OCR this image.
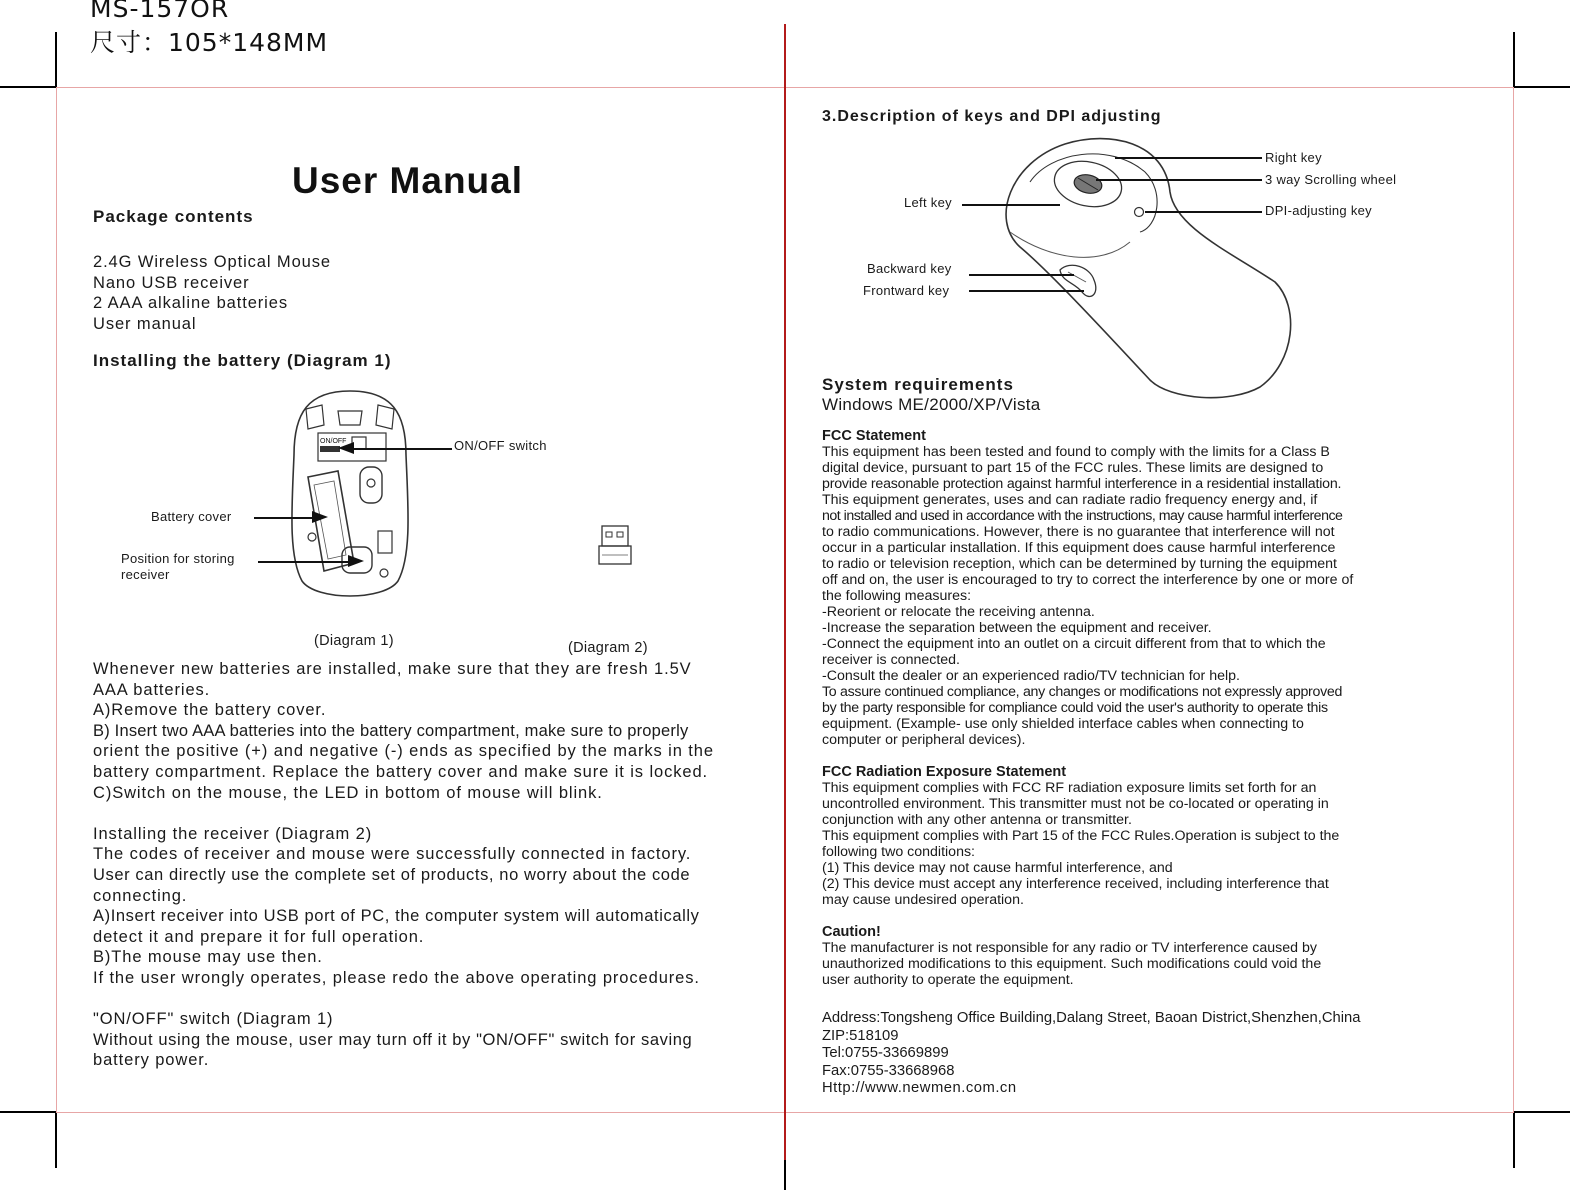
MS-157OR
尺寸：105*148MM
User Manual

Package contents

2.4G Wireless Optical Mouse

Nano USB receiver

2 AAA alkaline batteries

User manual

Installing the battery (Diagram 1)
ON/OFF	ON/OFF switch
Battery cover
Position for storing
receiver
(Diagram 1)	(Diagram 2)

Whenever new batteries are installed, make sure that they are fresh 1.5V

AAA batteries.

A)Remove the battery cover.

B) Insert two AAA batteries into the battery compartment, make sure to properly

orient the positive (+) and negative (-) ends as specified by the marks in the

battery compartment. Replace the battery cover and make sure it is locked.

C)Switch on the mouse, the LED in bottom of mouse will blink.

Installing the receiver (Diagram 2)

The codes of receiver and mouse were successfully connected in factory.

User can directly use the complete set of products, no worry about the code

connecting.

A)Insert receiver into USB port of PC, the computer system will automatically

detect it and prepare it for full operation.

B)The mouse may use then.

If the user wrongly operates, please redo the above operating procedures.

"ON/OFF" switch (Diagram 1)

Without using the mouse, user may turn off it by "ON/OFF" switch for saving

battery power.

3.Description of keys and DPI adjusting
Right key
3 way Scrolling wheel
Left key
DPI-adjusting key
Backward key
Frontward key

System requirements

Windows ME/2000/XP/Vista

FCC Statement

This equipment has been tested and found to comply with the limits for a Class B

digital device, pursuant to part 15 of the FCC rules. These limits are designed to

provide reasonable protection against harmful interference in a residential installation.

This equipment generates, uses and can radiate radio frequency energy and, if

not installed and used in accordance with the instructions, may cause harmful interference

to radio communications. However, there is no guarantee that interference will not

occur in a particular installation. If this equipment does cause harmful interference

to radio or television reception, which can be determined by turning the equipment

off and on, the user is encouraged to try to correct the interference by one or more of

the following measures:

-Reorient or relocate the receiving antenna.

-Increase the separation between the equipment and receiver.

-Connect the equipment into an outlet on a circuit different from that to which the

receiver is connected.

-Consult the dealer or an experienced radio/TV technician for help.

To assure continued compliance, any changes or modifications not expressly approved

by the party responsible for compliance could void the user's authority to operate this

equipment. (Example- use only shielded interface cables when connecting to

computer or peripheral devices).

FCC Radiation Exposure Statement

This equipment complies with FCC RF radiation exposure limits set forth for an

uncontrolled environment. This transmitter must not be co-located or operating in

conjunction with any other antenna or transmitter.

This equipment complies with Part 15 of the FCC Rules.Operation is subject to the

following two conditions:

(1) This device may not cause harmful interference, and

(2) This device must accept any interference received, including interference that

may cause undesired operation.

Caution!

The manufacturer is not responsible for any radio or TV interference caused by

unauthorized modifications to this equipment. Such modifications could void the

user authority to operate the equipment.

Address:Tongsheng Office Building,Dalang Street, Baoan District,Shenzhen,China

ZIP:518109

Tel:0755-33669899

Fax:0755-33668968

Http://www.newmen.com.cn
